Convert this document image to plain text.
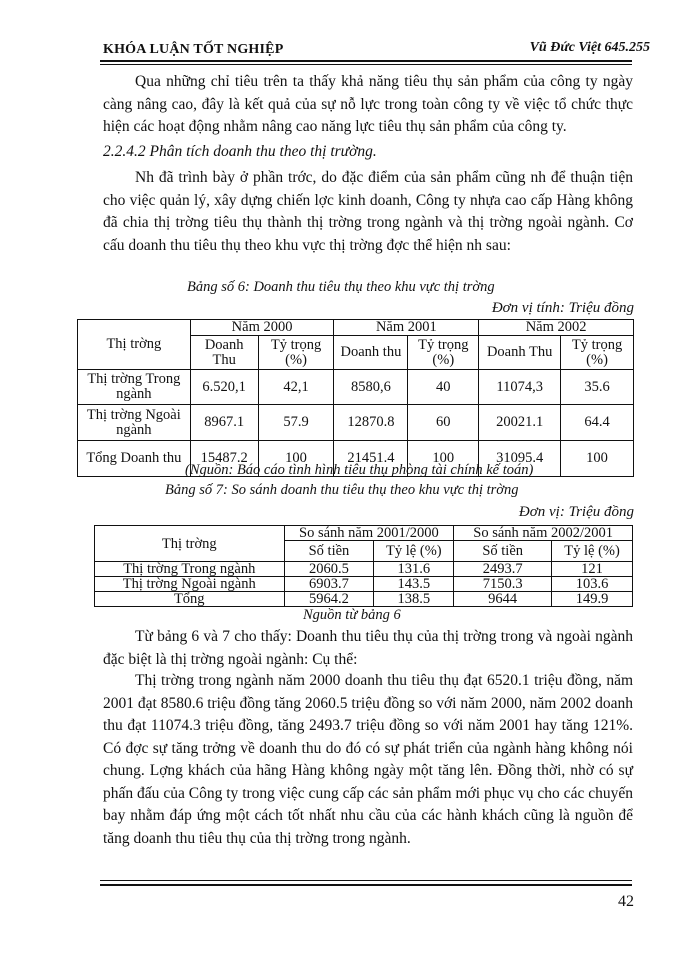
KHÓA LUẬN TỐT NGHIỆP	Vũ Đức Việt 645.255

Qua những chỉ tiêu trên ta thấy khả năng tiêu thụ sản phẩm của công ty ngày càng nâng cao, đây là kết quả của sự nỗ lực trong toàn công ty về việc tổ chức thực hiện các hoạt động nhằm nâng cao năng lực tiêu thụ sản phẩm của công ty.

2.2.4.2 Phân tích doanh thu theo thị trường.

Nh đã trình bày ở phần trớc, do đặc điểm của sản phẩm cũng nh để thuận tiện cho việc quản lý, xây dựng chiến lợc kinh doanh, Công ty nhựa cao cấp Hàng không đã chia thị trờng tiêu thụ thành thị trờng trong ngành và thị trờng ngoài ngành. Cơ cấu doanh thu tiêu thụ theo khu vực thị trờng đợc thể hiện nh sau:

Bảng số 6: Doanh thu tiêu thụ theo khu vực thị trờng
Đơn vị tính: Triệu đồng
Thị trờng	Năm 2000		Năm 2001		Năm 2002	
	Doanh Thu	Tỷ trọng (%)	Doanh thu	Tỷ trọng (%)	Doanh Thu	Tỷ trọng (%)
Thị trờng Trong ngành	6.520,1	42,1	8580,6	40	11074,3	35.6
Thị trờng Ngoài ngành	8967.1	57.9	12870.8	60	20021.1	64.4
Tổng Doanh thu	15487.2	100	21451.4	100	31095.4	100
(Nguồn: Báo cáo tình hình tiêu thụ phòng tài chính kế toán)
Bảng số 7: So sánh doanh thu tiêu thụ theo khu vực thị trờng
Đơn vị: Triệu đồng
Thị trờng	So sánh năm 2001/2000		So sánh năm 2002/2001	
	Số tiền	Tỷ lệ (%)	Số tiền	Tỷ lệ (%)
Thị trờng Trong ngành	2060.5	131.6	2493.7	121
Thị trờng Ngoài ngành	6903.7	143.5	7150.3	103.6
Tổng	5964.2	138.5	9644	149.9
Nguồn từ bảng 6

Từ bảng 6 và 7 cho thấy: Doanh thu tiêu thụ của thị trờng trong và ngoài ngành đặc biệt là thị trờng ngoài ngành: Cụ thể:

Thị trờng trong ngành năm 2000 doanh thu tiêu thụ đạt 6520.1 triệu đồng, năm 2001 đạt 8580.6 triệu đồng tăng 2060.5 triệu đồng so với năm 2000, năm 2002 doanh thu đạt 11074.3 triệu đồng, tăng 2493.7 triệu đồng so với năm 2001 hay tăng 121%. Có đợc sự tăng trởng về doanh thu do đó có sự phát triển của ngành hàng không nói chung. Lợng khách của hãng Hàng không ngày một tăng lên. Đồng thời, nhờ có sự phấn đấu của Công ty trong việc cung cấp các sản phẩm mới phục vụ cho các chuyến bay nhằm đáp ứng một cách tốt nhất nhu cầu của các hành khách cũng là nguồn để tăng doanh thu tiêu thụ của thị trờng trong ngành.

42
